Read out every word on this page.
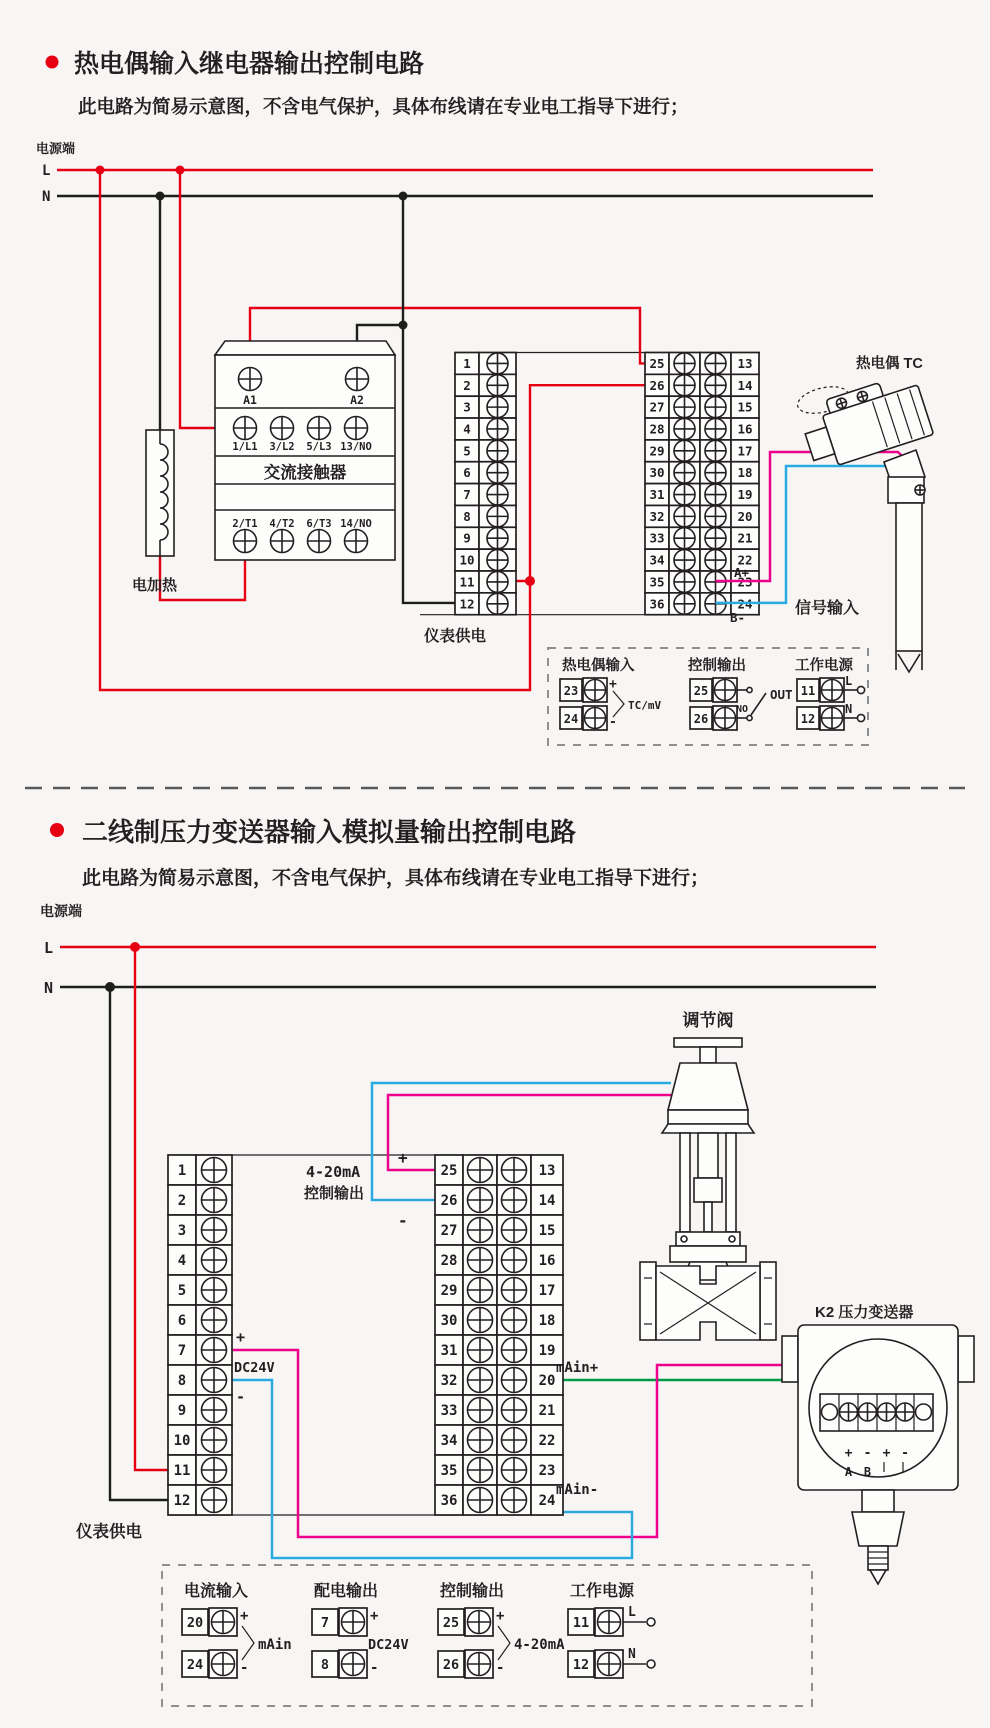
热电偶输入继电器输出控制电路
此电路为简易示意图，不含电气保护，具体布线请在专业电工指导下进行；
电源端
L
N
电加热
A1	A2
1/L1 3/L2 5/L3 13/NO
交流接触器
2/T1 4/T2 6/T3 14/NO
1
2
3
4
5
6
7
8
9
10
11
12
25	13
26	14
27	15
28	16
29	17
30	18
31	19
32	20
33	21
34	22
35	23
36	24
仪表供电
A+
B-
信号输入
热电偶 TC
热电偶输入
23 +
24 -
TC/mV
控制输出
25
26
NO
OUT
工作电源
11
L
12
N
二线制压力变送器输入模拟量输出控制电路
此电路为简易示意图，不含电气保护，具体布线请在专业电工指导下进行；
电源端
L
N
1
2
3
4
5
6
7
8
9
10
11
12
25	13
26	14
27	15
28	16
29	17
30	18
31	19
32	20
33	21
34	22
35	23
36	24
仪表供电
4-20mA
控制输出
+
-
+
DC24V
-
mAin+
mAin-
调节阀
K2 压力变送器
+ - + -
A B
电流输入
20	+
24	-
mAin
配电输出
7	+
8	-
DC24V
控制输出
25	+
26	-
4-20mA
工作电源
11
L
12
N
